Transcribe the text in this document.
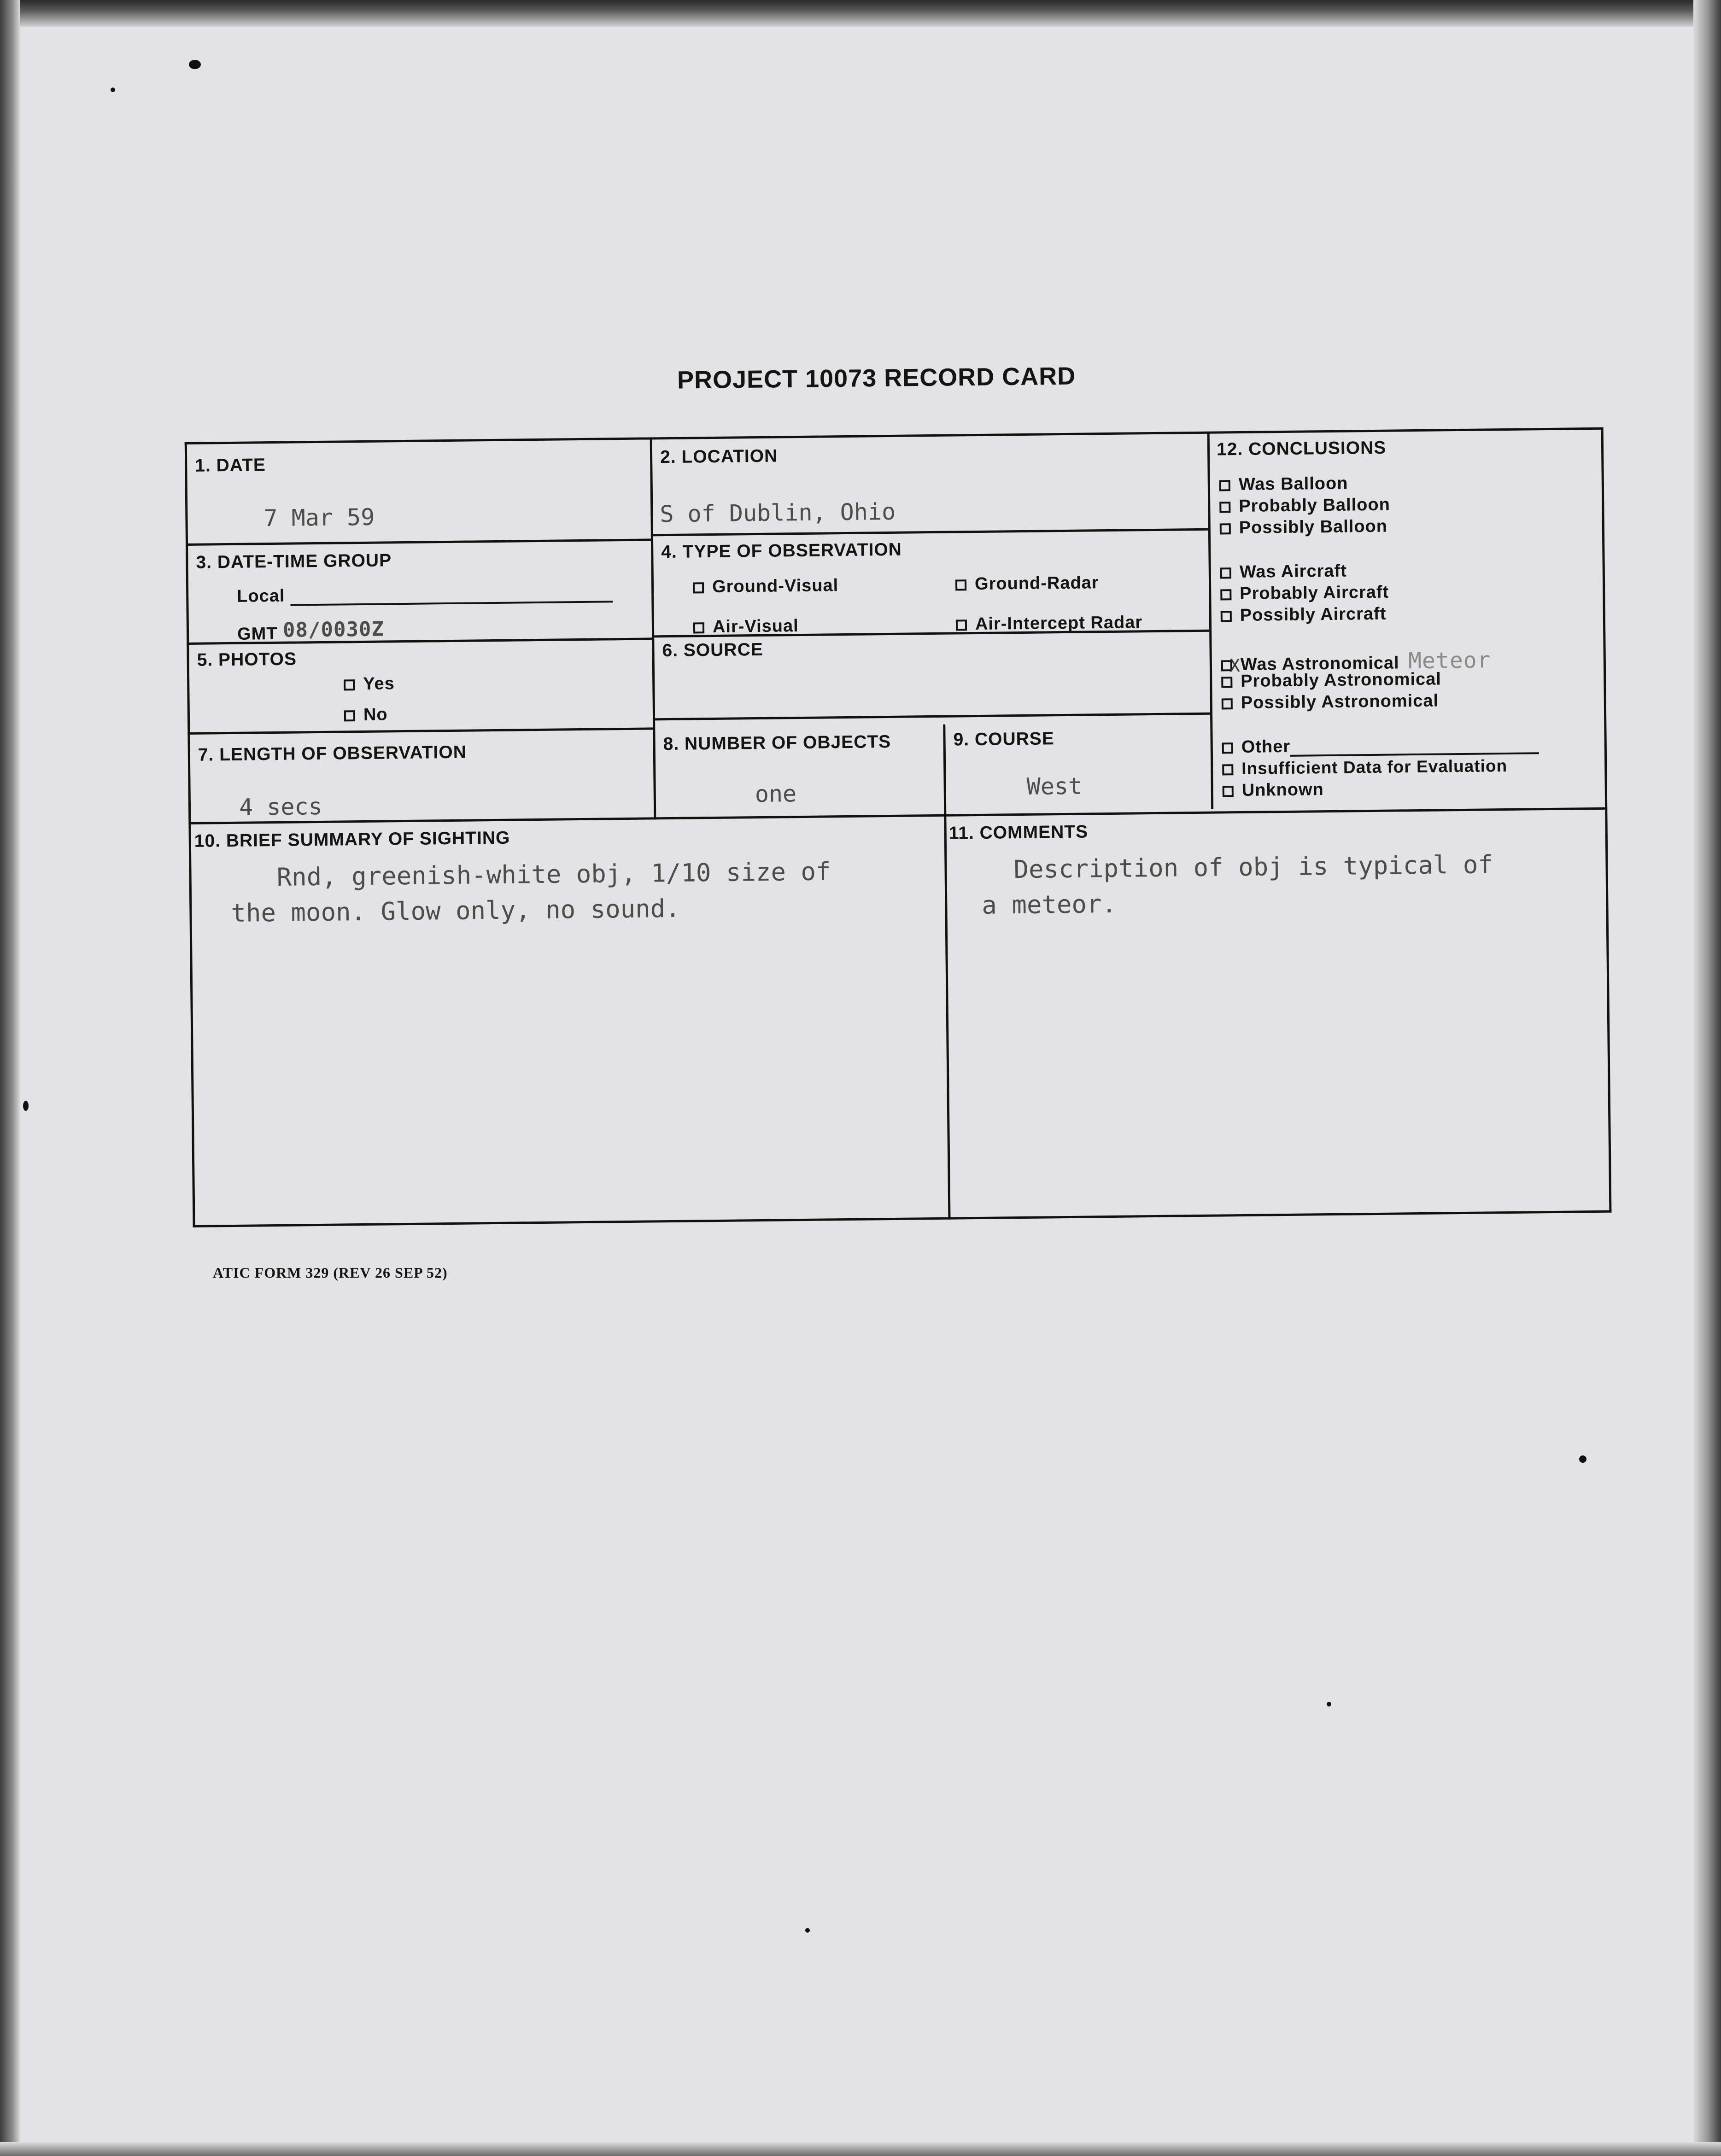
PROJECT 10073 RECORD CARD
1. DATE
7 Mar 59
2. LOCATION
S of Dublin, Ohio
3. DATE-TIME GROUP
Local
GMT 08/0030Z
4. TYPE OF OBSERVATION
Ground-Visual	Ground-Radar
Air-Visual	Air-Intercept Radar
5. PHOTOS
Yes
No
6. SOURCE
7. LENGTH OF OBSERVATION
4 secs
8. NUMBER OF OBJECTS
one
9. COURSE
West
10. BRIEF SUMMARY OF SIGHTING
Rnd, greenish-white obj, 1/10 size of
the moon. Glow only, no sound.
11. COMMENTS
Description of obj is typical of
a meteor.
12. CONCLUSIONS
Was Balloon
Probably Balloon
Possibly Balloon
Was Aircraft
Probably Aircraft
Possibly Aircraft
X Was Astronomical Meteor
Probably Astronomical
Possibly Astronomical
Other
Insufficient Data for Evaluation
Unknown
ATIC FORM 329 (REV 26 SEP 52)
